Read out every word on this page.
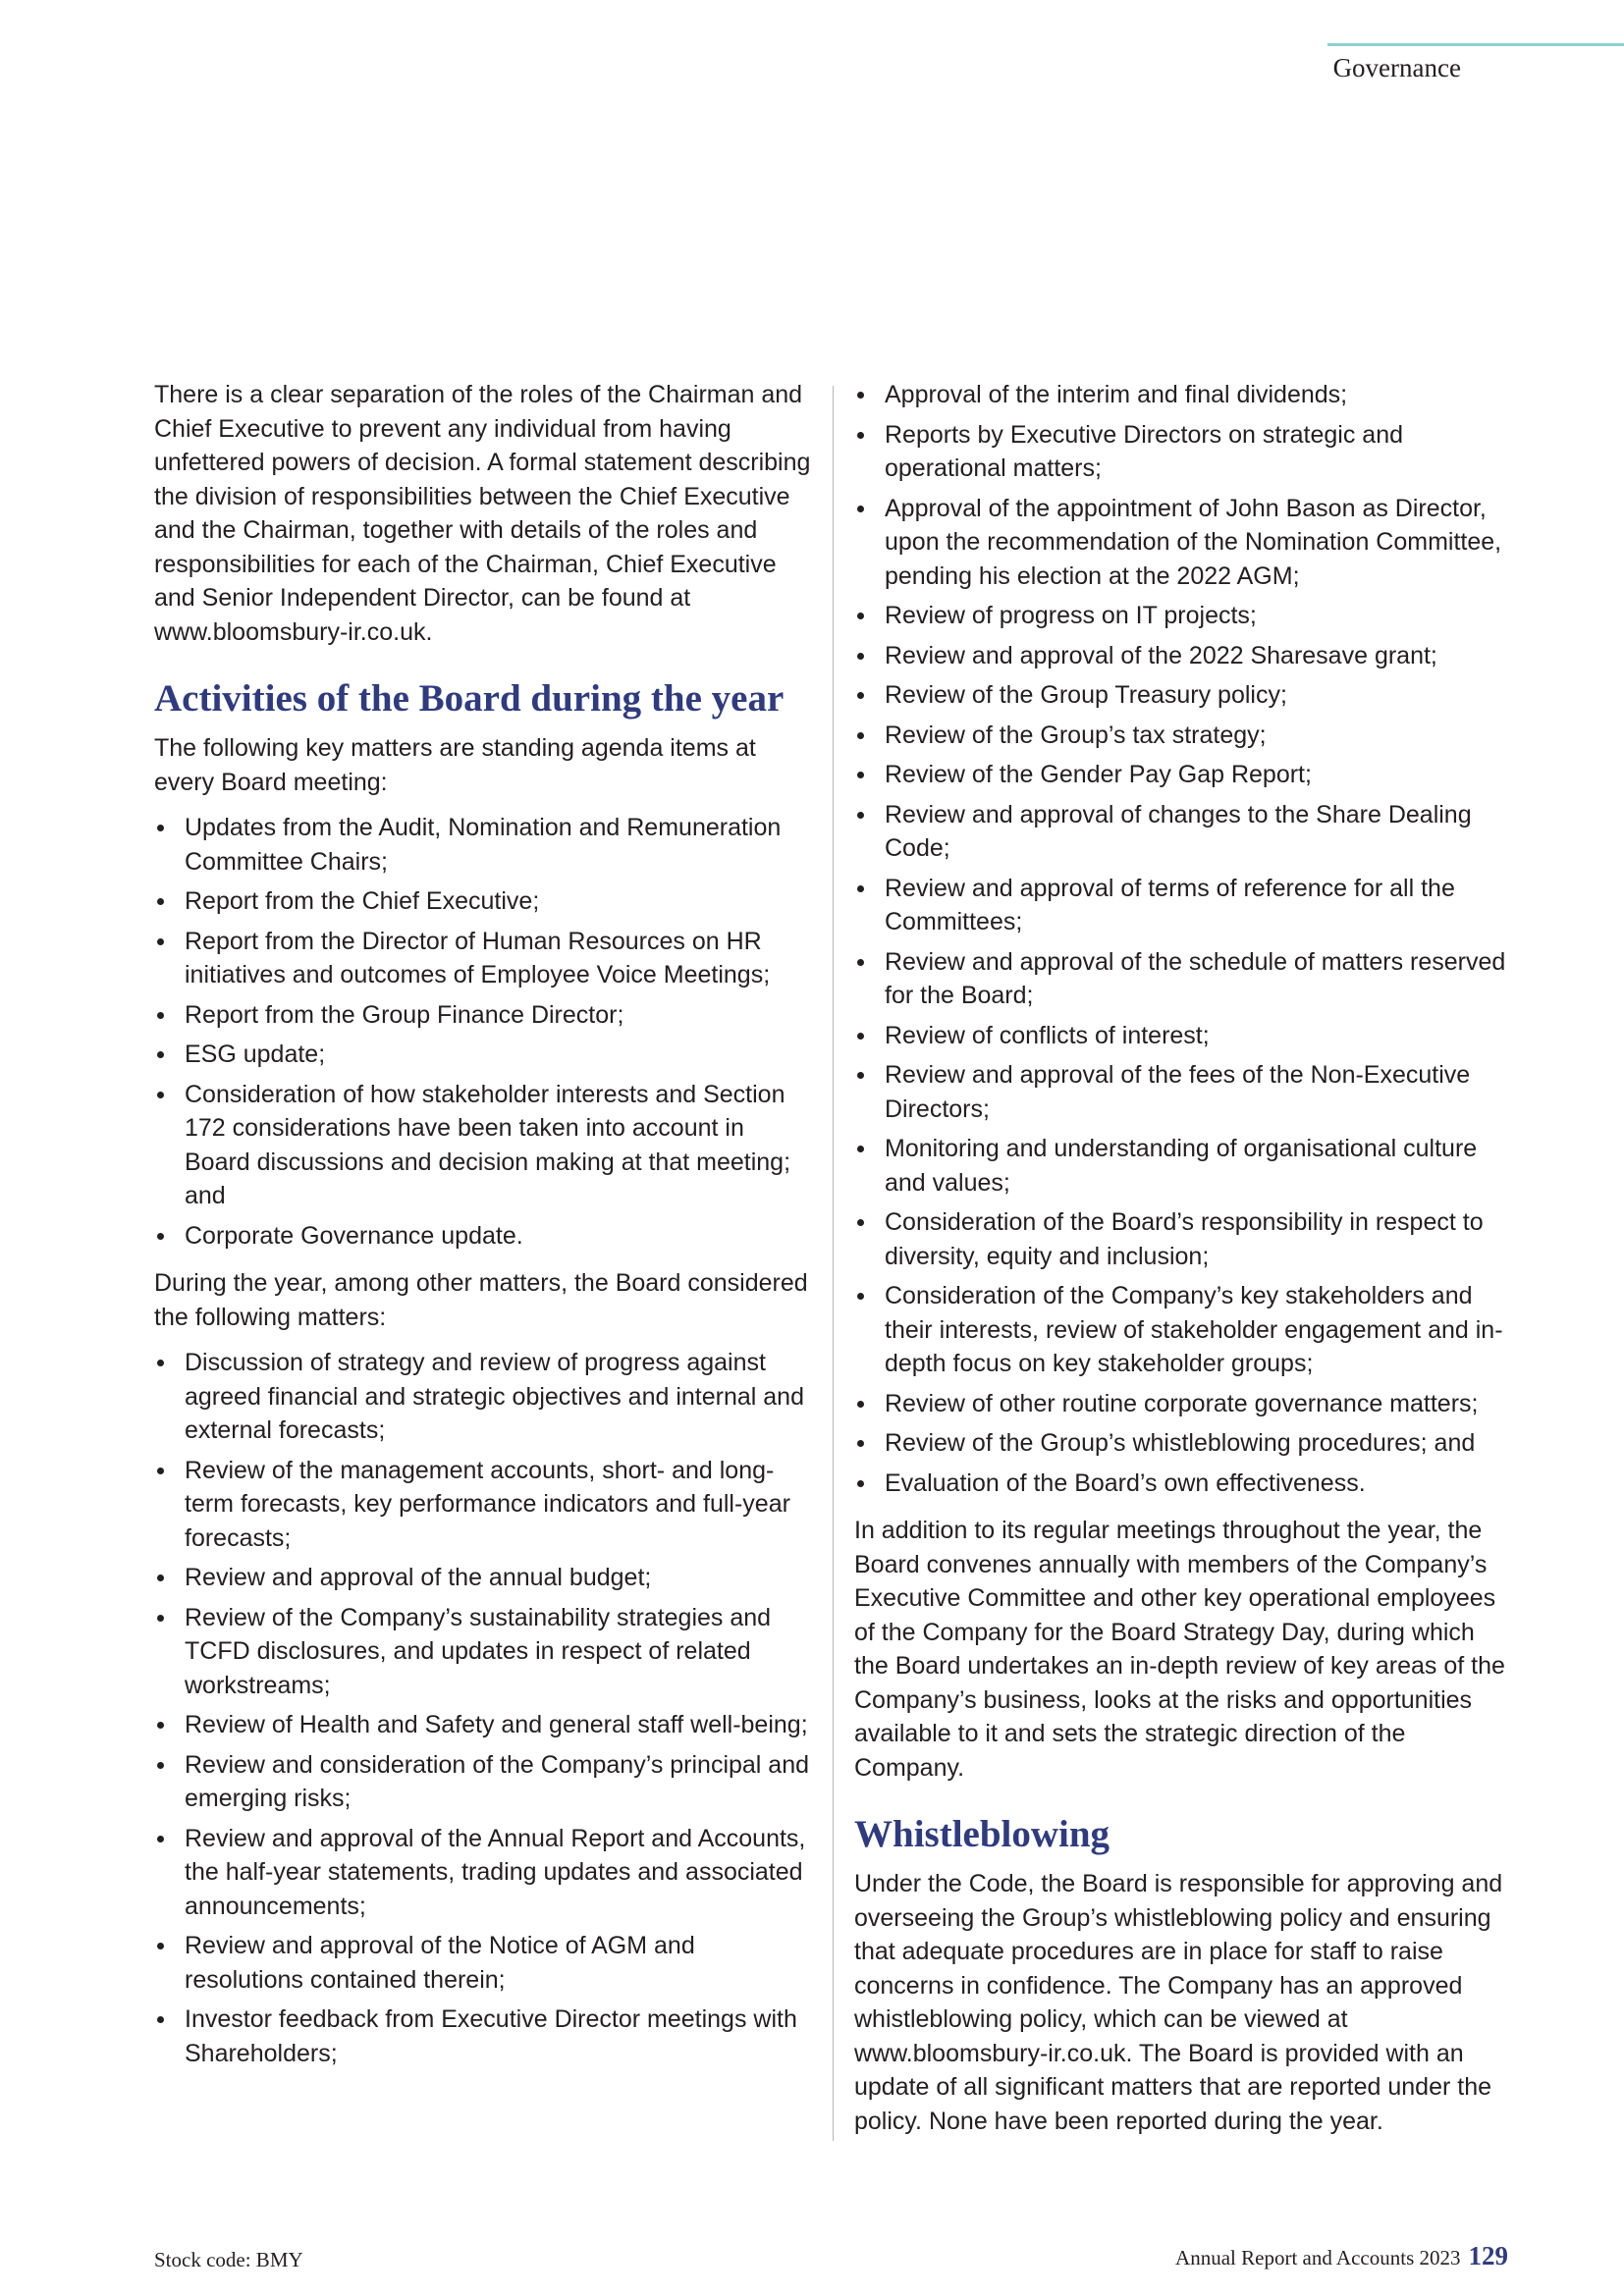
Governance

There is a clear separation of the roles of the Chairman and Chief Executive to prevent any individual from having unfettered powers of decision. A formal statement describing the division of responsibilities between the Chief Executive and the Chairman, together with details of the roles and responsibilities for each of the Chairman, Chief Executive and Senior Independent Director, can be found at www.bloomsbury-ir.co.uk.

Activities of the Board during the year

The following key matters are standing agenda items at every Board meeting:

Updates from the Audit, Nomination and Remuneration Committee Chairs;
Report from the Chief Executive;
Report from the Director of Human Resources on HR initiatives and outcomes of Employee Voice Meetings;
Report from the Group Finance Director;
ESG update;
Consideration of how stakeholder interests and Section 172 considerations have been taken into account in Board discussions and decision making at that meeting; and
Corporate Governance update.

During the year, among other matters, the Board considered the following matters:

Discussion of strategy and review of progress against agreed financial and strategic objectives and internal and external forecasts;
Review of the management accounts, short- and long-term forecasts, key performance indicators and full-year forecasts;
Review and approval of the annual budget;
Review of the Company’s sustainability strategies and TCFD disclosures, and updates in respect of related workstreams;
Review of Health and Safety and general staff well-being;
Review and consideration of the Company’s principal and emerging risks;
Review and approval of the Annual Report and Accounts, the half-year statements, trading updates and associated announcements;
Review and approval of the Notice of AGM and resolutions contained therein;
Investor feedback from Executive Director meetings with Shareholders;
Approval of the interim and final dividends;
Reports by Executive Directors on strategic and operational matters;
Approval of the appointment of John Bason as Director, upon the recommendation of the Nomination Committee, pending his election at the 2022 AGM;
Review of progress on IT projects;
Review and approval of the 2022 Sharesave grant;
Review of the Group Treasury policy;
Review of the Group’s tax strategy;
Review of the Gender Pay Gap Report;
Review and approval of changes to the Share Dealing Code;
Review and approval of terms of reference for all the Committees;
Review and approval of the schedule of matters reserved for the Board;
Review of conflicts of interest;
Review and approval of the fees of the Non-Executive Directors;
Monitoring and understanding of organisational culture and values;
Consideration of the Board’s responsibility in respect to diversity, equity and inclusion;
Consideration of the Company’s key stakeholders and their interests, review of stakeholder engagement and in-depth focus on key stakeholder groups;
Review of other routine corporate governance matters;
Review of the Group’s whistleblowing procedures; and
Evaluation of the Board’s own effectiveness.

In addition to its regular meetings throughout the year, the Board convenes annually with members of the Company’s Executive Committee and other key operational employees of the Company for the Board Strategy Day, during which the Board undertakes an in-depth review of key areas of the Company’s business, looks at the risks and opportunities available to it and sets the strategic direction of the Company.

Whistleblowing

Under the Code, the Board is responsible for approving and overseeing the Group’s whistleblowing policy and ensuring that adequate procedures are in place for staff to raise concerns in confidence. The Company has an approved whistleblowing policy, which can be viewed at www.bloomsbury-ir.co.uk. The Board is provided with an update of all significant matters that are reported under the policy. None have been reported during the year.

Stock code: BMY	Annual Report and Accounts 2023 129
